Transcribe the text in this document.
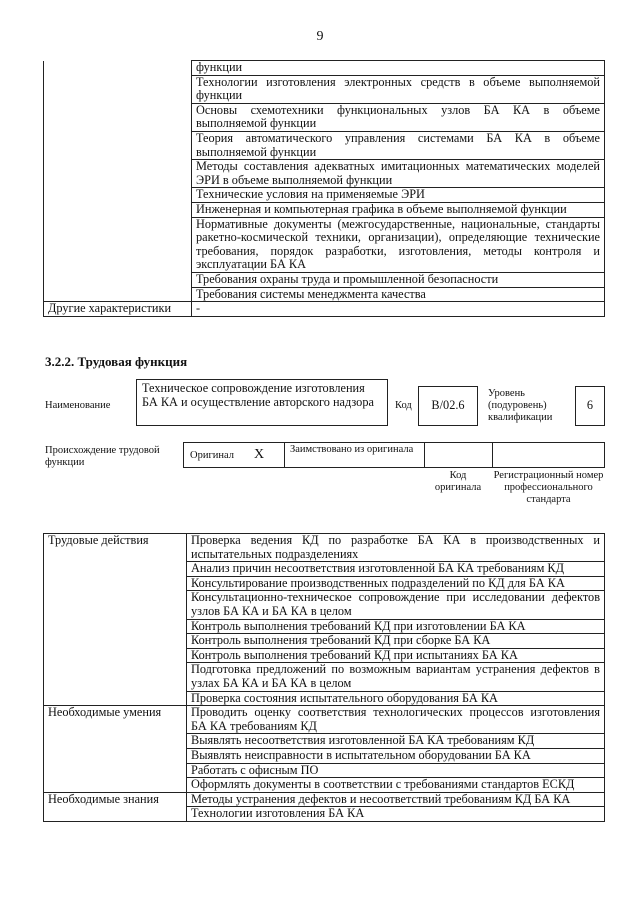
9
	функции
	Технологии изготовления электронных средств в объеме выполняемой функции
	Основы схемотехники функциональных узлов БА КА в объеме выполняемой функции
	Теория автоматического управления системами БА КА в объеме выполняемой функции
	Методы составления адекватных имитационных математических моделей ЭРИ в объеме выполняемой функции
	Технические условия на применяемые ЭРИ
	Инженерная и компьютерная графика в объеме выполняемой функции
	Нормативные документы (межгосударственные, национальные, стандарты ракетно-космической техники, организации), определяющие технические требования, порядок разработки, изготовления, методы контроля и эксплуатации БА КА
	Требования охраны труда и промышленной безопасности
	Требования системы менеджмента качества
Другие характеристики	-
3.2.2. Трудовая функция
Наименование
Техническое сопровождение изготовления БА КА и осуществление авторского надзора	Код	В/02.6
Уровень (подуровень) квалификации
6
Происхождение трудовой функции
Оригинал X Заимствовано из оригинала
Код оригинала
Регистрационный номер профессионального стандарта
Трудовые действия	Проверка ведения КД по разработке БА КА в производственных и испытательных подразделениях
	Анализ причин несоответствия изготовленной БА КА требованиям КД
	Консультирование производственных подразделений по КД для БА КА
	Консультационно-техническое сопровождение при исследовании дефектов узлов БА КА и БА КА в целом
	Контроль выполнения требований КД при изготовлении БА КА
	Контроль выполнения требований КД при сборке БА КА
	Контроль выполнения требований КД при испытаниях БА КА
	Подготовка предложений по возможным вариантам устранения дефектов в узлах БА КА и БА КА в целом
	Проверка состояния испытательного оборудования БА КА
Необходимые умения	Проводить оценку соответствия технологических процессов изготовления БА КА требованиям КД
	Выявлять несоответствия изготовленной БА КА требованиям КД
	Выявлять неисправности в испытательном оборудовании БА КА
	Работать с офисным ПО
	Оформлять документы в соответствии с требованиями стандартов ЕСКД
Необходимые знания	Методы устранения дефектов и несоответствий требованиям КД БА КА
	Технологии изготовления БА КА
